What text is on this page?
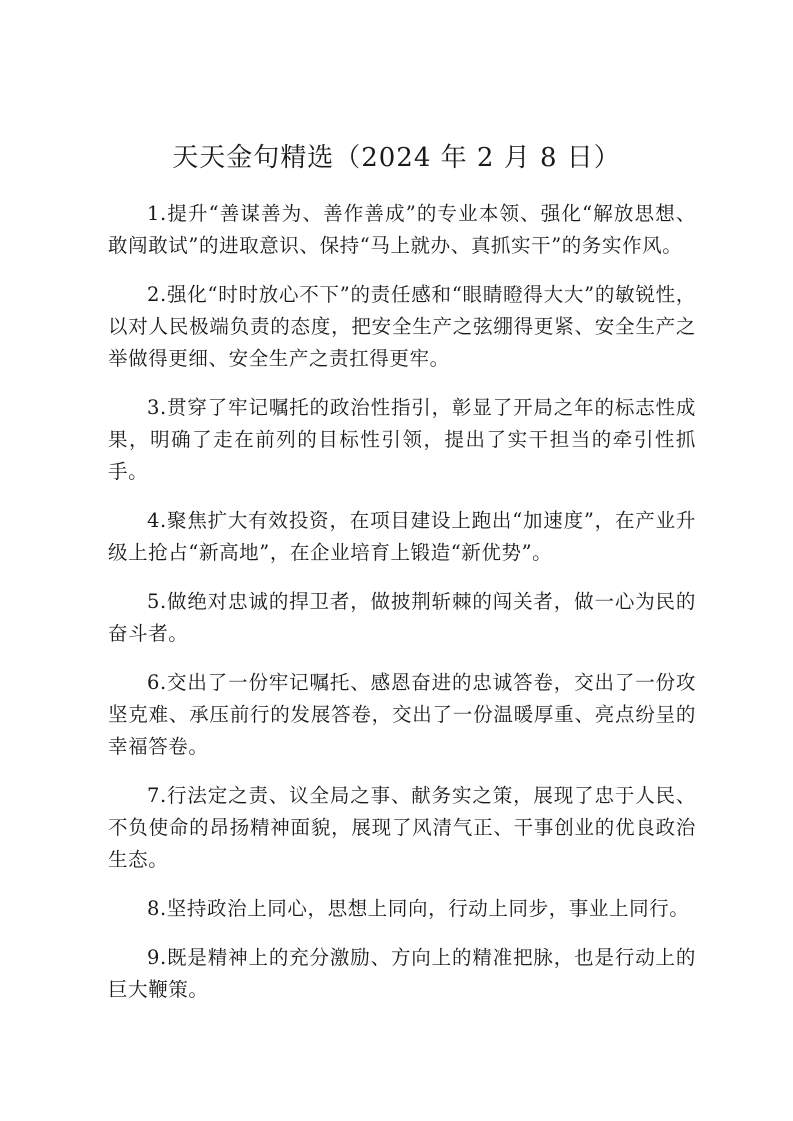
天天金句精选（2024 年 2 月 8 日）

1.提升“善谋善为、善作善成”的专业本领、强化“解放思想、敢闯敢试”的进取意识、保持“马上就办、真抓实干”的务实作风。

2.强化“时时放心不下”的责任感和“眼睛瞪得大大”的敏锐性，以对人民极端负责的态度，把安全生产之弦绷得更紧、安全生产之举做得更细、安全生产之责扛得更牢。

3.贯穿了牢记嘱托的政治性指引，彰显了开局之年的标志性成果，明确了走在前列的目标性引领，提出了实干担当的牵引性抓手。

4.聚焦扩大有效投资，在项目建设上跑出“加速度”，在产业升级上抢占“新高地”，在企业培育上锻造“新优势”。

5.做绝对忠诚的捍卫者，做披荆斩棘的闯关者，做一心为民的奋斗者。

6.交出了一份牢记嘱托、感恩奋进的忠诚答卷，交出了一份攻坚克难、承压前行的发展答卷，交出了一份温暖厚重、亮点纷呈的幸福答卷。

7.行法定之责、议全局之事、献务实之策，展现了忠于人民、不负使命的昂扬精神面貌，展现了风清气正、干事创业的优良政治生态。

8.坚持政治上同心，思想上同向，行动上同步，事业上同行。

9.既是精神上的充分激励、方向上的精准把脉，也是行动上的巨大鞭策。
